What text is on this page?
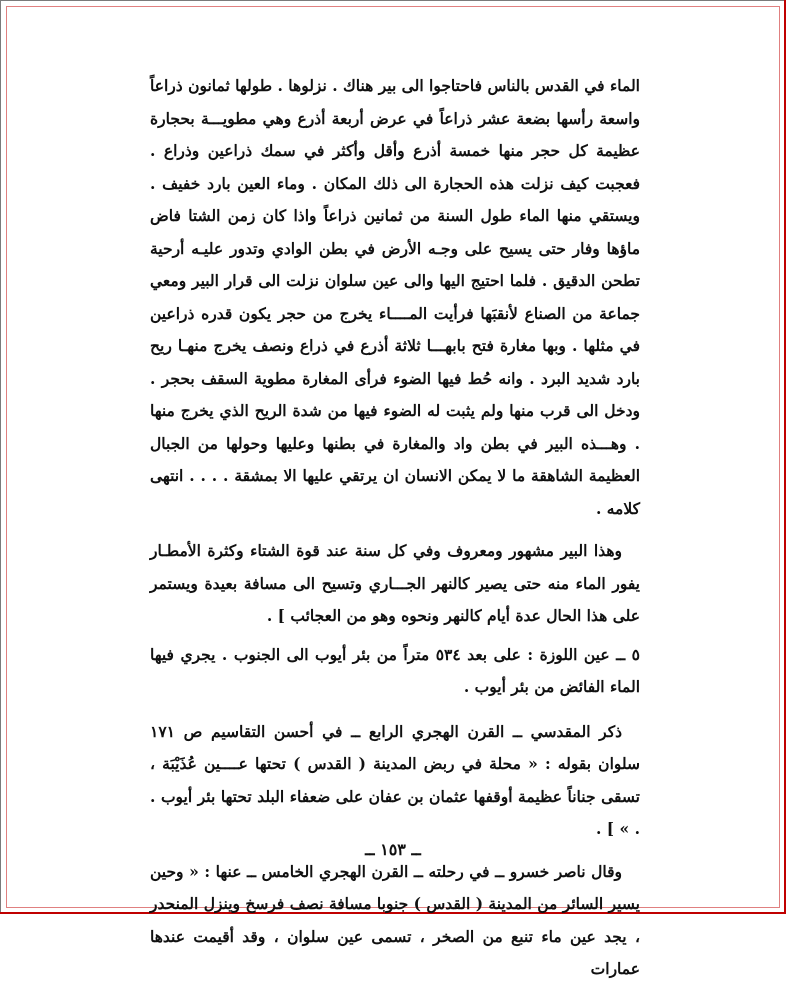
الماء في القدس بالناس فاحتاجوا الى بير هناك . نزلوها . طولها ثمانون ذراعاً واسعة رأسها بضعة عشر ذراعاً في عرض أربعة أذرع وهي مطويـــة بحجارة عظيمة كل حجر منها خمسة أذرع وأقل وأكثر في سمك ذراعين وذراع . فعجبت كيف نزلت هذه الحجارة الى ذلك المكان . وماء العين بارد خفيف . ويستقي منها الماء طول السنة من ثمانين ذراعاً واذا كان زمن الشتا فاض ماؤها وفار حتى يسيح على وجـه الأرض في بطن الوادي وتدور عليـه أرحية تطحن الدقيق . فلما احتيج اليها والى عين سلوان نزلت الى قرار البير ومعي جماعة من الصناع لأنقبَها فرأيت المــــاء يخرج من حجر يكون قدره ذراعين في مثلها . وبها مغارة فتح بابهـــا ثلاثة أذرع في ذراع ونصف يخرج منهـا ريح بارد شديد البرد . وانه حُط فيها الضوء فرأى المغارة مطوية السقف بحجر . ودخل الى قرب منها ولم يثبت له الضوء فيها من شدة الريح الذي يخرج منها . وهـــذه البير في بطن واد والمغارة في بطنها وعليها وحولها من الجبال العظيمة الشاهقة ما لا يمكن الانسان ان يرتقي عليها الا بمشقة . . . . انتهى كلامه .

وهذا البير مشهور ومعروف وفي كل سنة عند قوة الشتاء وكثرة الأمطـار يفور الماء منه حتى يصير كالنهر الجـــاري وتسيح الى مسافة بعيدة ويستمر على هذا الحال عدة أيام كالنهر ونحوه وهو من العجائب ] .

٥ ــ عين اللوزة : على بعد ٥٣٤ متراً من بئر أيوب الى الجنوب . يجري فيها الماء الفائض من بئر أيوب .

ذكر المقدسي ــ القرن الهجري الرابع ــ في أحسن التقاسيم ص ١٧١ سلوان بقوله : « محلة في ربض المدينة ( القدس ) تحتها عــــين عُذَيْبَة ، تسقى جناناً عظيمة أوقفها عثمان بن عفان على ضعفاء البلد تحتها بئر أيوب . . » ] .

وقال ناصر خسرو ــ في رحلته ــ القرن الهجري الخامس ــ عنها : « وحين يسير السائر من المدينة ( القدس ) جنوبا مسافة نصف فرسخ وينزل المنحدر ، يجد عين ماء تنبع من الصخر ، تسمى عين سلوان ، وقد أقيمت عندها عمارات

ــ ١٥٣ ــ
